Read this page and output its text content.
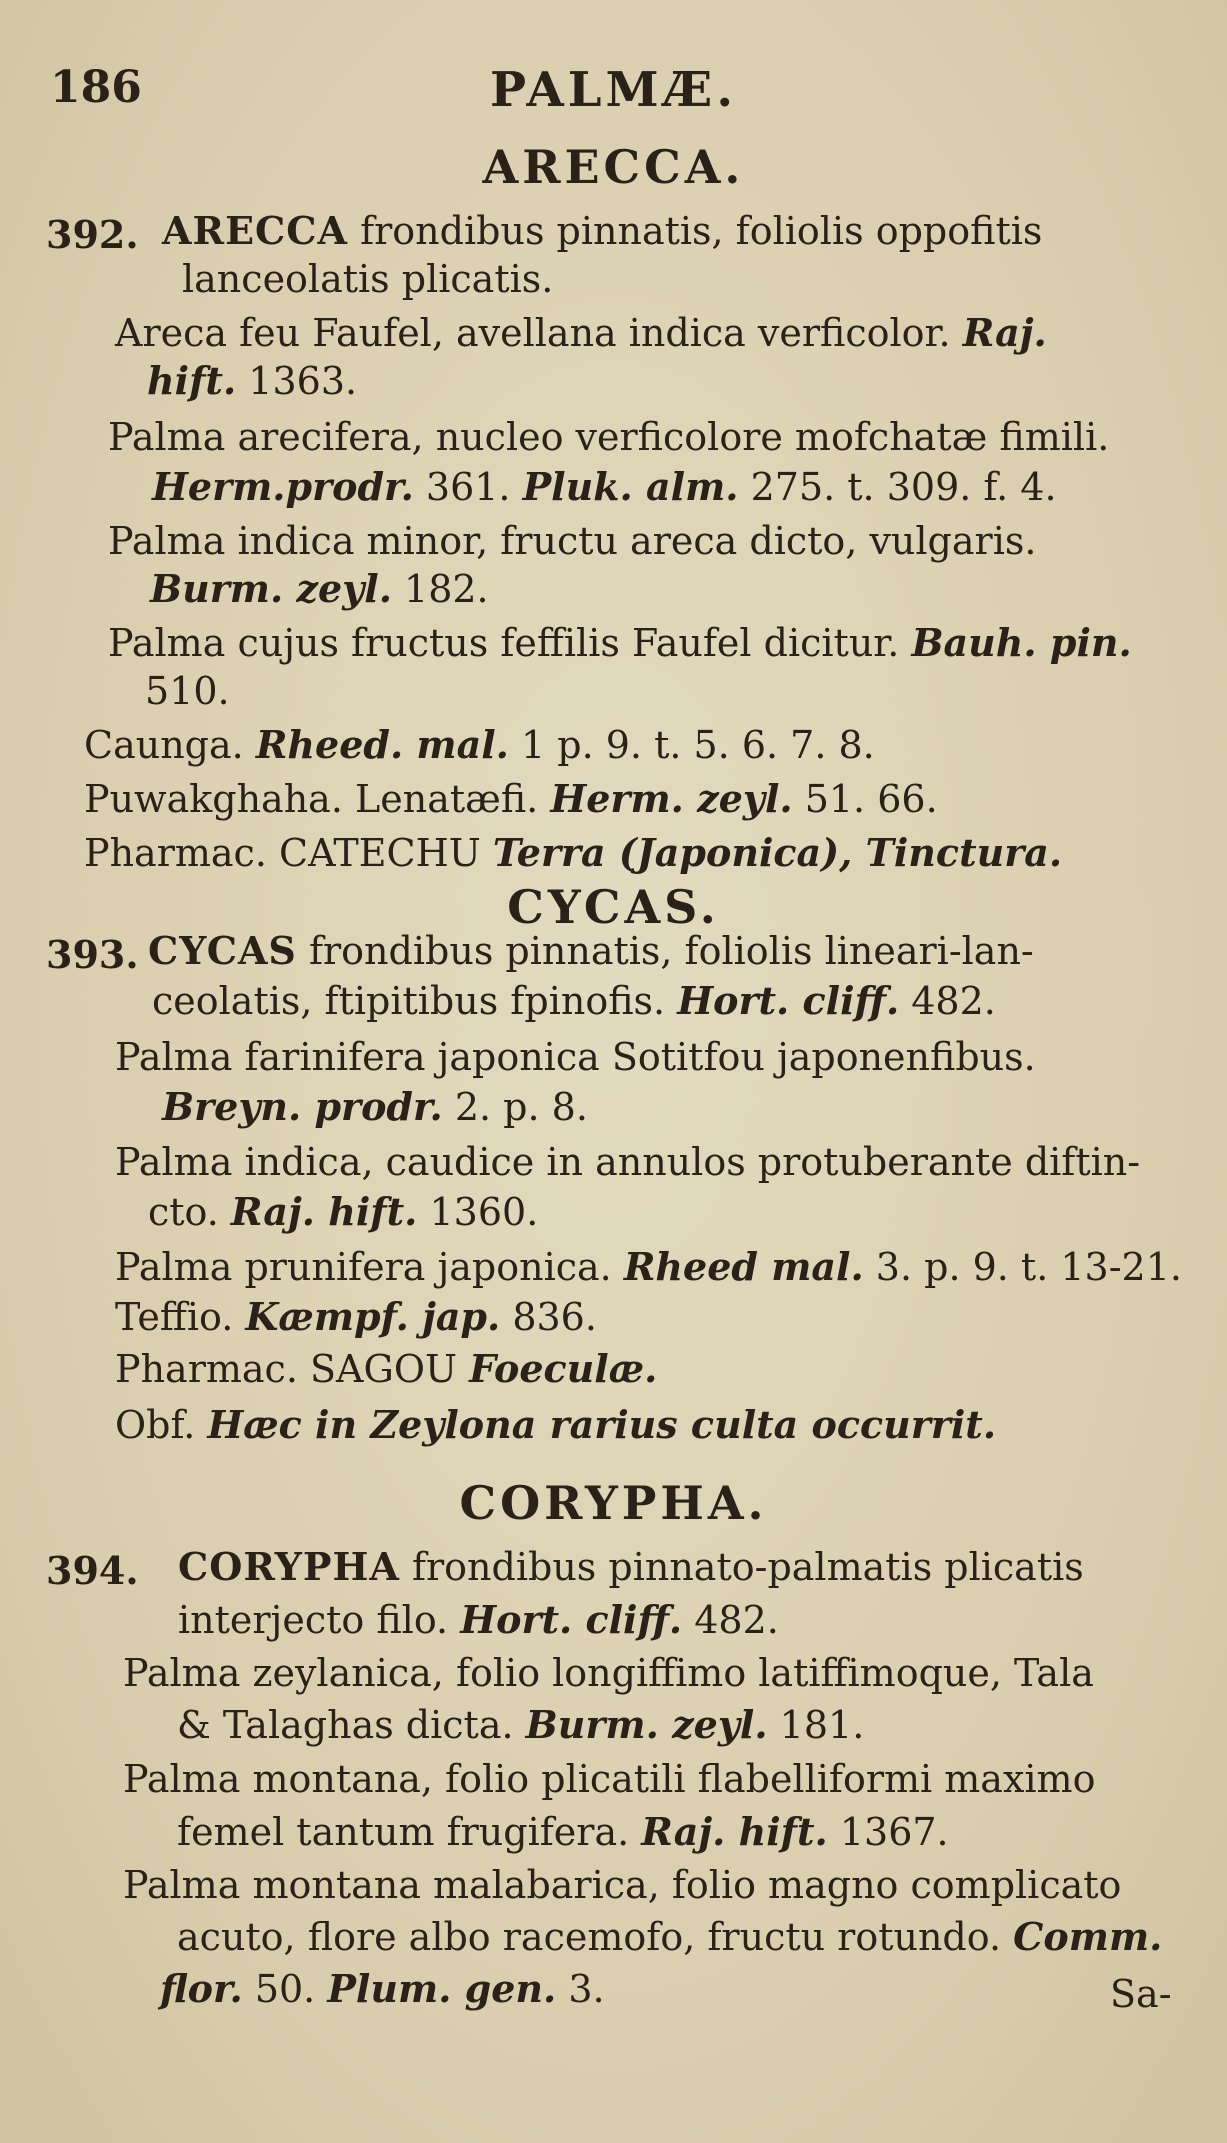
186	PALMÆ.
ARECCA.
392. ARECCA frondibus pinnatis, foliolis oppofitis
lanceolatis plicatis.
Areca feu Faufel, avellana indica verficolor. Raj.
hift. 1363.
Palma arecifera, nucleo verficolore mofchatæ fimili.
Herm.prodr. 361. Pluk. alm. 275. t. 309. f. 4.
Palma indica minor, fructu areca dicto, vulgaris.
Burm. zeyl. 182.
Palma cujus fructus feffilis Faufel dicitur. Bauh. pin.
510.
Caunga. Rheed. mal. 1 p. 9. t. 5. 6. 7. 8.
Puwakghaha. Lenatæfi. Herm. zeyl. 51. 66.
Pharmac. CATECHU Terra (Japonica), Tinctura.
CYCAS.
393. CYCAS frondibus pinnatis, foliolis lineari-lan-
ceolatis, ftipitibus fpinofis. Hort. cliff. 482.
Palma farinifera japonica Sotitfou japonenfibus.
Breyn. prodr. 2. p. 8.
Palma indica, caudice in annulos protuberante diftin-
cto. Raj. hift. 1360.
Palma prunifera japonica. Rheed mal. 3. p. 9. t. 13-21.
Teffio. Kæmpf. jap. 836.
Pharmac. SAGOU Foeculæ.
Obf. Hæc in Zeylona rarius culta occurrit.
CORYPHA.
394. CORYPHA frondibus pinnato-palmatis plicatis
interjecto filo. Hort. cliff. 482.
Palma zeylanica, folio longiffimo latiffimoque, Tala
& Talaghas dicta. Burm. zeyl. 181.
Palma montana, folio plicatili flabelliformi maximo
femel tantum frugifera. Raj. hift. 1367.
Palma montana malabarica, folio magno complicato
acuto, flore albo racemofo, fructu rotundo. Comm.
flor. 50. Plum. gen. 3.	Sa-
